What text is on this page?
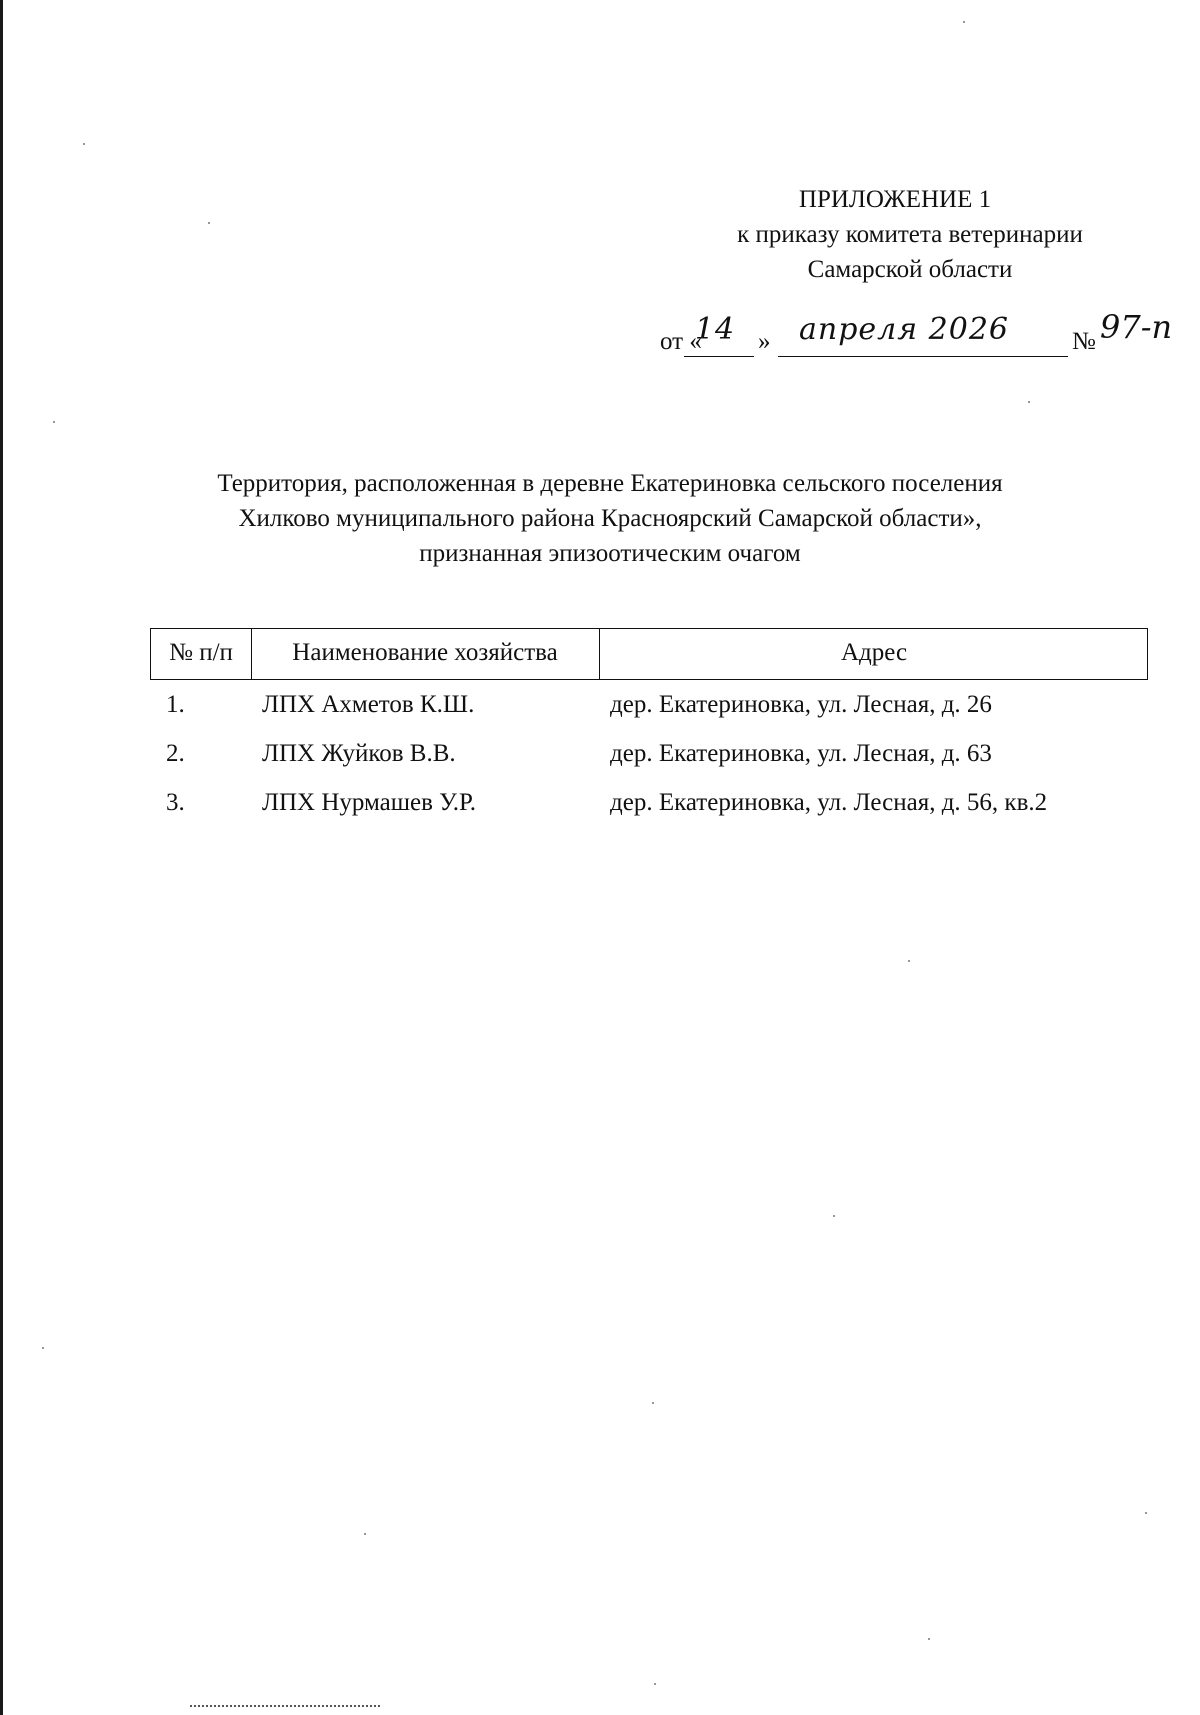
ПРИЛОЖЕНИЕ 1
к приказу комитета ветеринарии
Самарской области
от «
14 » апреля 2026	№ 97-п
Территория, расположенная в деревне Екатериновка сельского поселения
Хилково муниципального района Красноярский Самарской области»,
признанная эпизоотическим очагом
№ п/п	Наименование хозяйства	Адрес
1.	ЛПХ Ахметов К.Ш.	дер. Екатериновка, ул. Лесная, д. 26
2.	ЛПХ Жуйков В.В.	дер. Екатериновка, ул. Лесная, д. 63
3.	ЛПХ Нурмашев У.Р.	дер. Екатериновка, ул. Лесная, д. 56, кв.2
